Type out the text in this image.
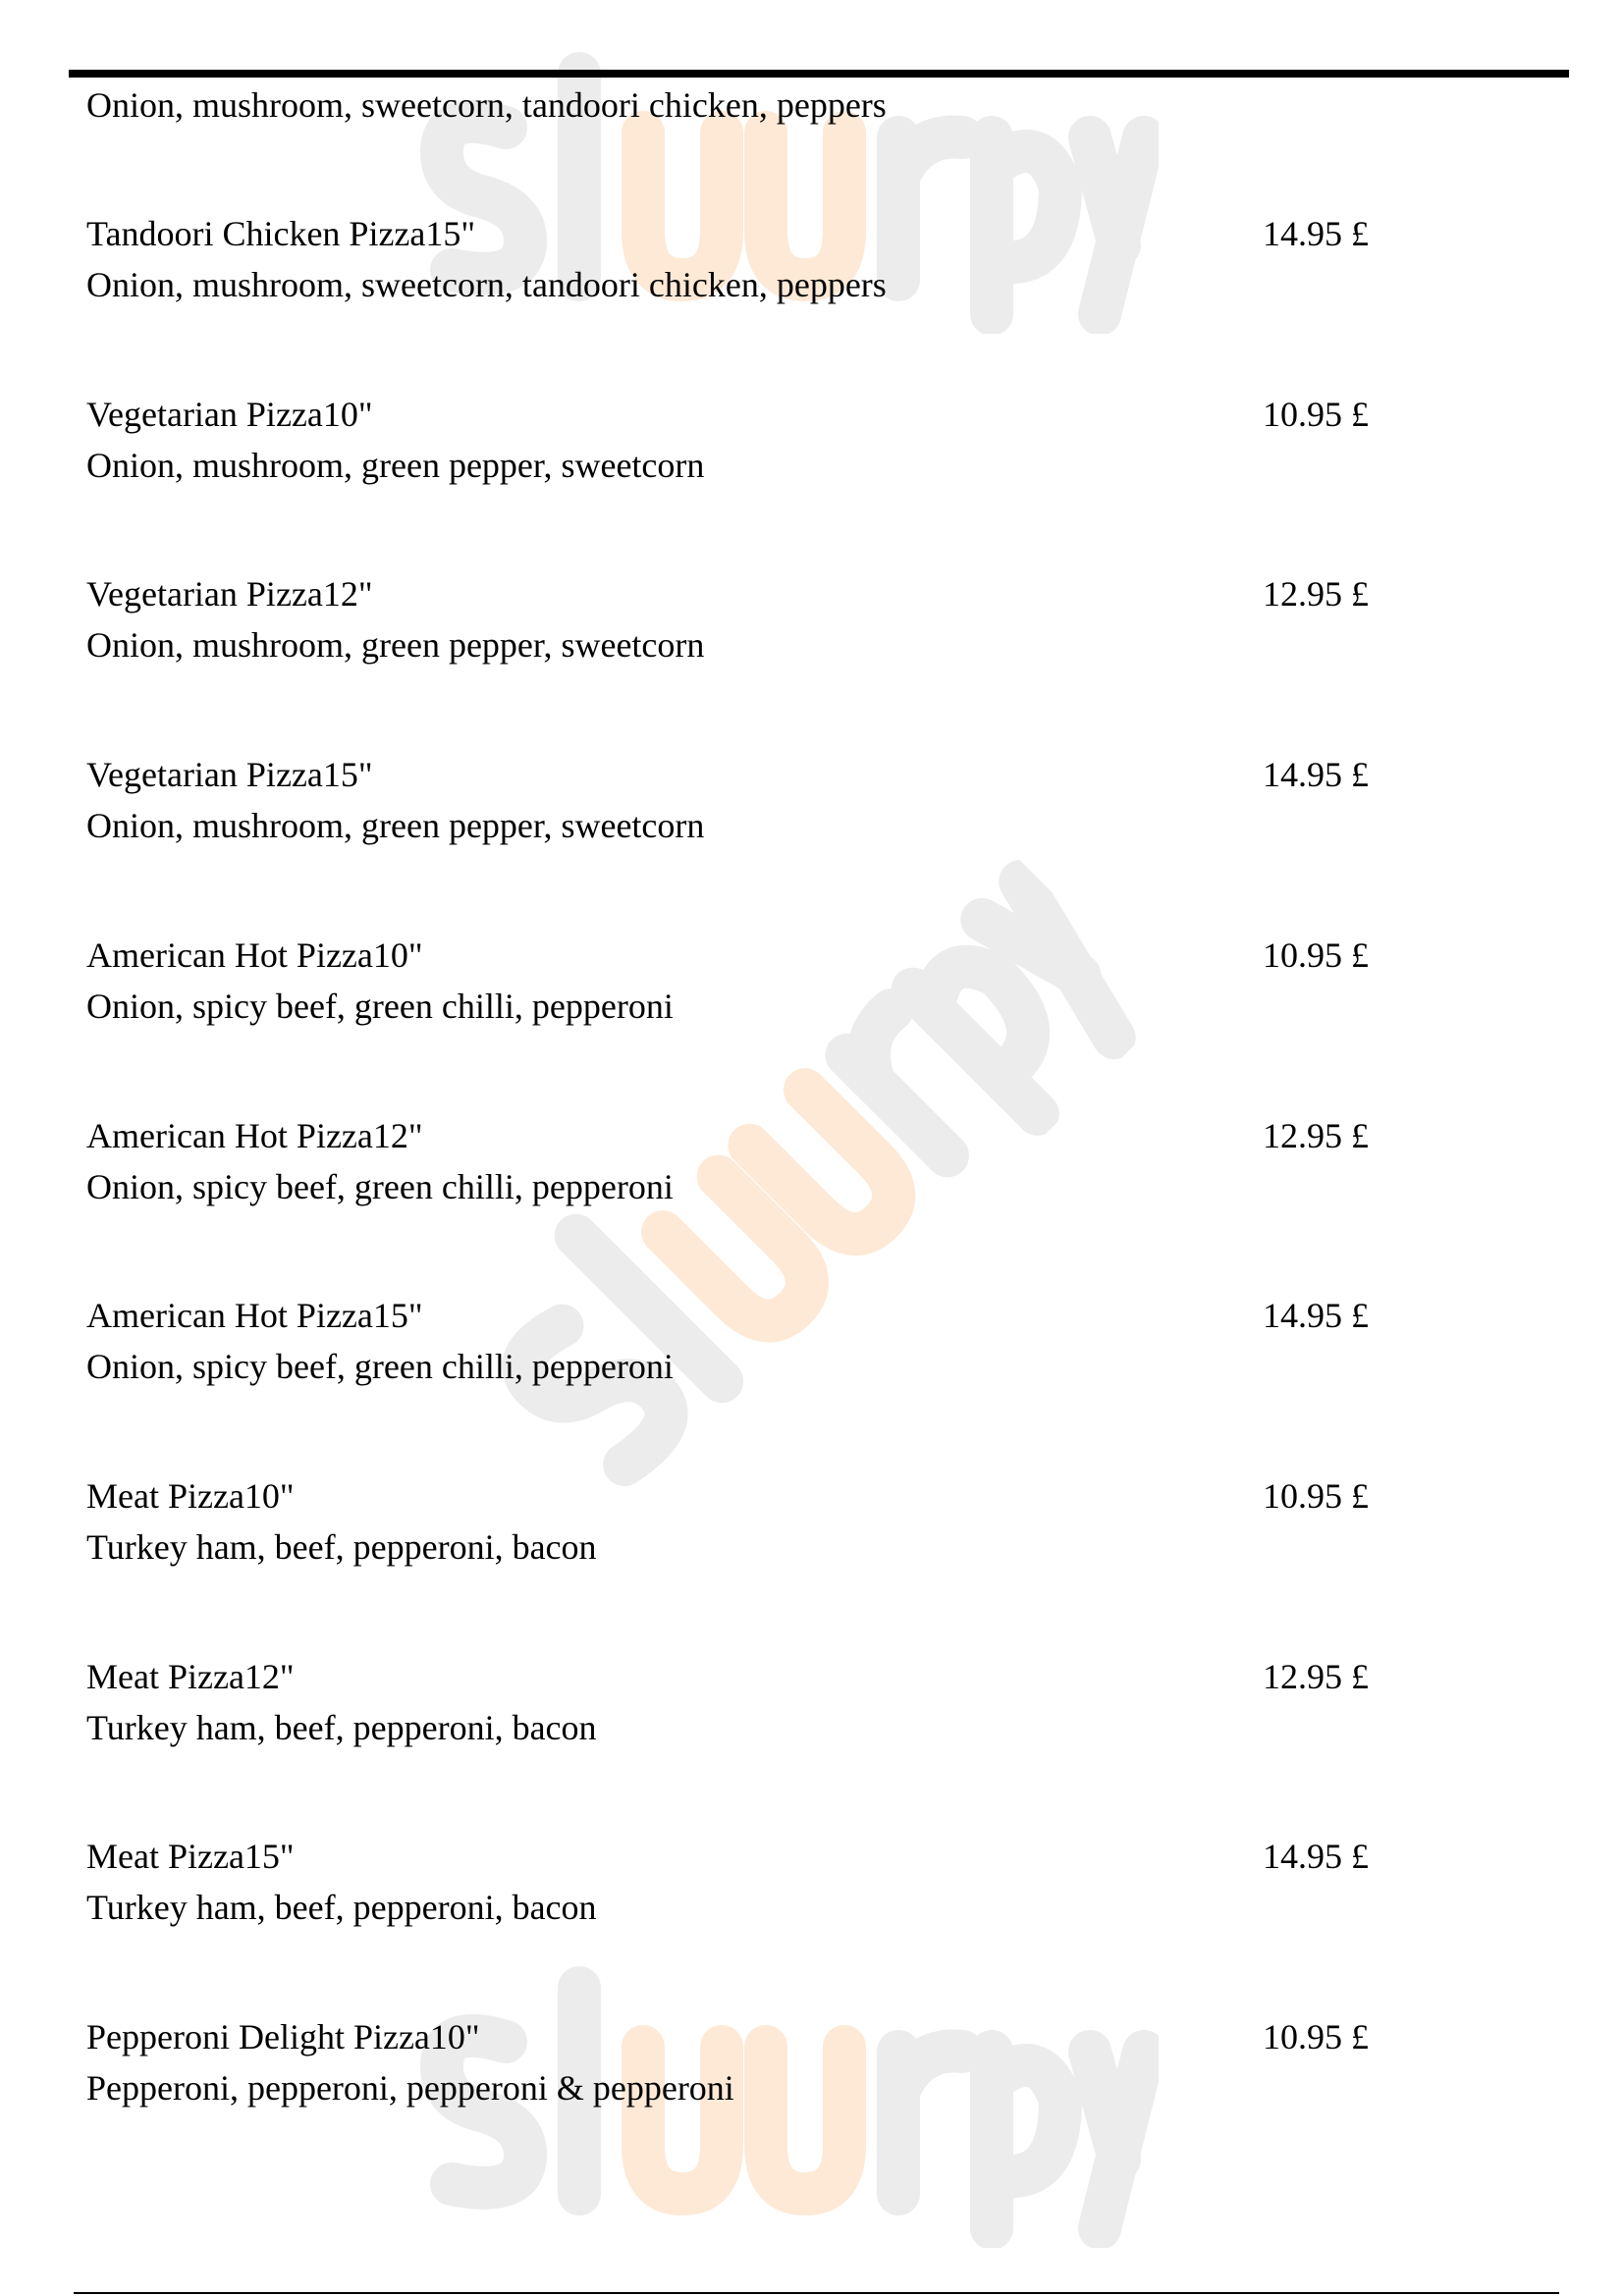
Onion, mushroom, sweetcorn, tandoori chicken, peppers
Tandoori Chicken Pizza15"
Onion, mushroom, sweetcorn, tandoori chicken, peppers
14.95 £
Vegetarian Pizza10"
Onion, mushroom, green pepper, sweetcorn
10.95 £
Vegetarian Pizza12"
Onion, mushroom, green pepper, sweetcorn
12.95 £
Vegetarian Pizza15"
Onion, mushroom, green pepper, sweetcorn
14.95 £
American Hot Pizza10"
Onion, spicy beef, green chilli, pepperoni
10.95 £
American Hot Pizza12"
Onion, spicy beef, green chilli, pepperoni
12.95 £
American Hot Pizza15"
Onion, spicy beef, green chilli, pepperoni
14.95 £
Meat Pizza10"
Turkey ham, beef, pepperoni, bacon
10.95 £
Meat Pizza12"
Turkey ham, beef, pepperoni, bacon
12.95 £
Meat Pizza15"
Turkey ham, beef, pepperoni, bacon
14.95 £
Pepperoni Delight Pizza10"
Pepperoni, pepperoni, pepperoni & pepperoni
10.95 £
